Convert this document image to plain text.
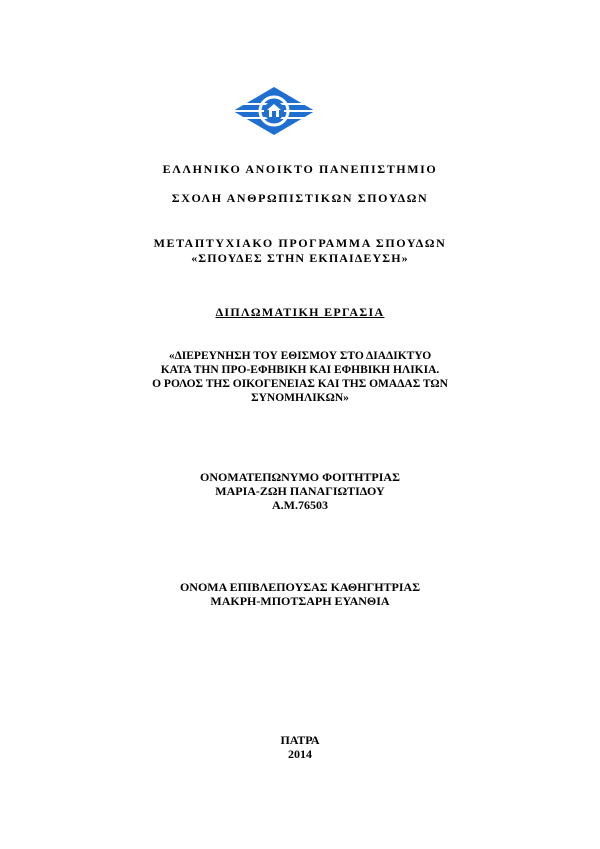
ΕΛΛΗΝΙΚΟ ΑΝΟΙΚΤΟ ΠΑΝΕΠΙΣΤΗΜΙΟ
ΣΧΟΛΗ ΑΝΘΡΩΠΙΣΤΙΚΩΝ ΣΠΟΥΔΩΝ
ΜΕΤΑΠΤΥΧΙΑΚΟ ΠΡΟΓΡΑΜΜΑ ΣΠΟΥΔΩΝ
«ΣΠΟΥΔΕΣ ΣΤΗΝ ΕΚΠΑΙΔΕΥΣΗ»
ΔΙΠΛΩΜΑΤΙΚΗ ΕΡΓΑΣΙΑ
«ΔΙΕΡΕΥΝΗΣΗ ΤΟΥ ΕΘΙΣΜΟΥ ΣΤΟ ΔΙΑΔΙΚΤΥΟ
ΚΑΤΑ ΤΗΝ ΠΡΟ-ΕΦΗΒΙΚΗ ΚΑΙ ΕΦΗΒΙΚΗ ΗΛΙΚΙΑ.
Ο ΡΟΛΟΣ ΤΗΣ ΟΙΚΟΓΕΝΕΙΑΣ ΚΑΙ ΤΗΣ ΟΜΑΔΑΣ ΤΩΝ
ΣΥΝΟΜΗΛΙΚΩΝ»
ΟΝΟΜΑΤΕΠΩΝΥΜΟ ΦΟΙΤΗΤΡΙΑΣ
ΜΑΡΙΑ-ΖΩΗ ΠΑΝΑΓΙΩΤΙΔΟΥ
Α.Μ.76503
ΟΝΟΜΑ ΕΠΙΒΛΕΠΟΥΣΑΣ ΚΑΘΗΓΗΤΡΙΑΣ
ΜΑΚΡΗ-ΜΠΟΤΣΑΡΗ ΕΥΑΝΘΙΑ
ΠΑΤΡΑ
2014
